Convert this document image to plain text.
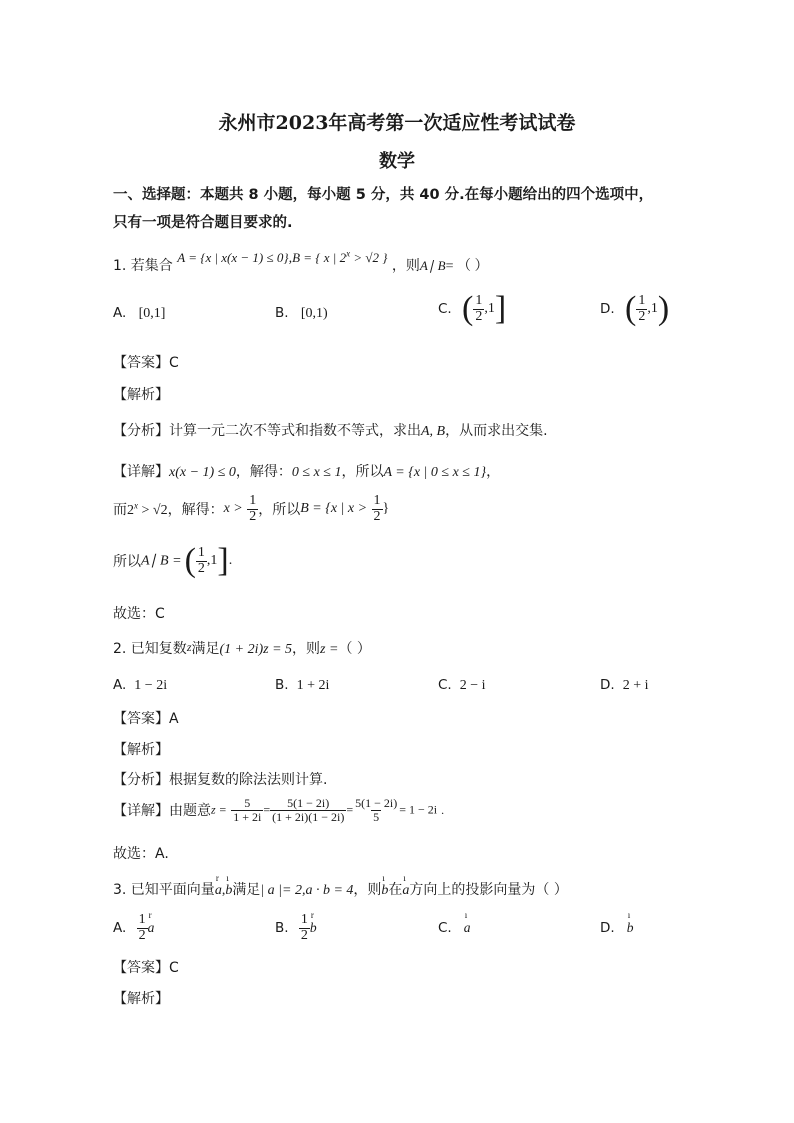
永州市2023年高考第一次适应性考试试卷
数学
一、选择题：本题共 8 小题，每小题 5 分，共 40 分.在每小题给出的四个选项中，
只有一项是符合题目要求的.
1. 若集合 A = {x | x(x − 1) ≤ 0},B = { x | $2^x > √2$ } ，则A∣ B= （ ）
A. [0,1]	B. [0,1)	C. ( $\frac{1}{2} ,1$]	D. ( $\frac{1}{2} ,1$)
【答案】C
【解析】
【分析】计算一元二次不等式和指数不等式，求出A, B，从而求出交集.
【详解】x(x − 1) ≤ 0，解得：0 ≤ x ≤ 1，所以A = {x | 0 ≤ x ≤ 1}，
而$2^x > √2$，解得：$x > \frac{1}{2}$ ，所以B = {x | $x > \frac{1}{2}$ }
所以A∣ B =( $\frac{1}{2} ,1$].
故选：C
2. 已知复数z满足(1 + 2i)z = 5，则z =（ ）
A. 1 − 2i	B. 1 + 2i	C. 2 − i	D. 2 + i
【答案】A
【解析】
【分析】根据复数的除法法则计算.
【详解】由题意$z = \frac{5}{1 + 2i} = \frac{5(1 - 2i)}{(1 + 2i)(1 - 2i)} = \frac{5(1 - 2i)}{5} = 1 - 2i$ .
故选：A.
3. 已知平面向量r a,ı b满足| a |= 2,a · b = 4，则ı b在ı a方向上的投影向量为（ ）
A. $\frac{1}{2}$ r a	B. $\frac{1}{2}$ r b	C. ı a	D. ı b
【答案】C
【解析】
